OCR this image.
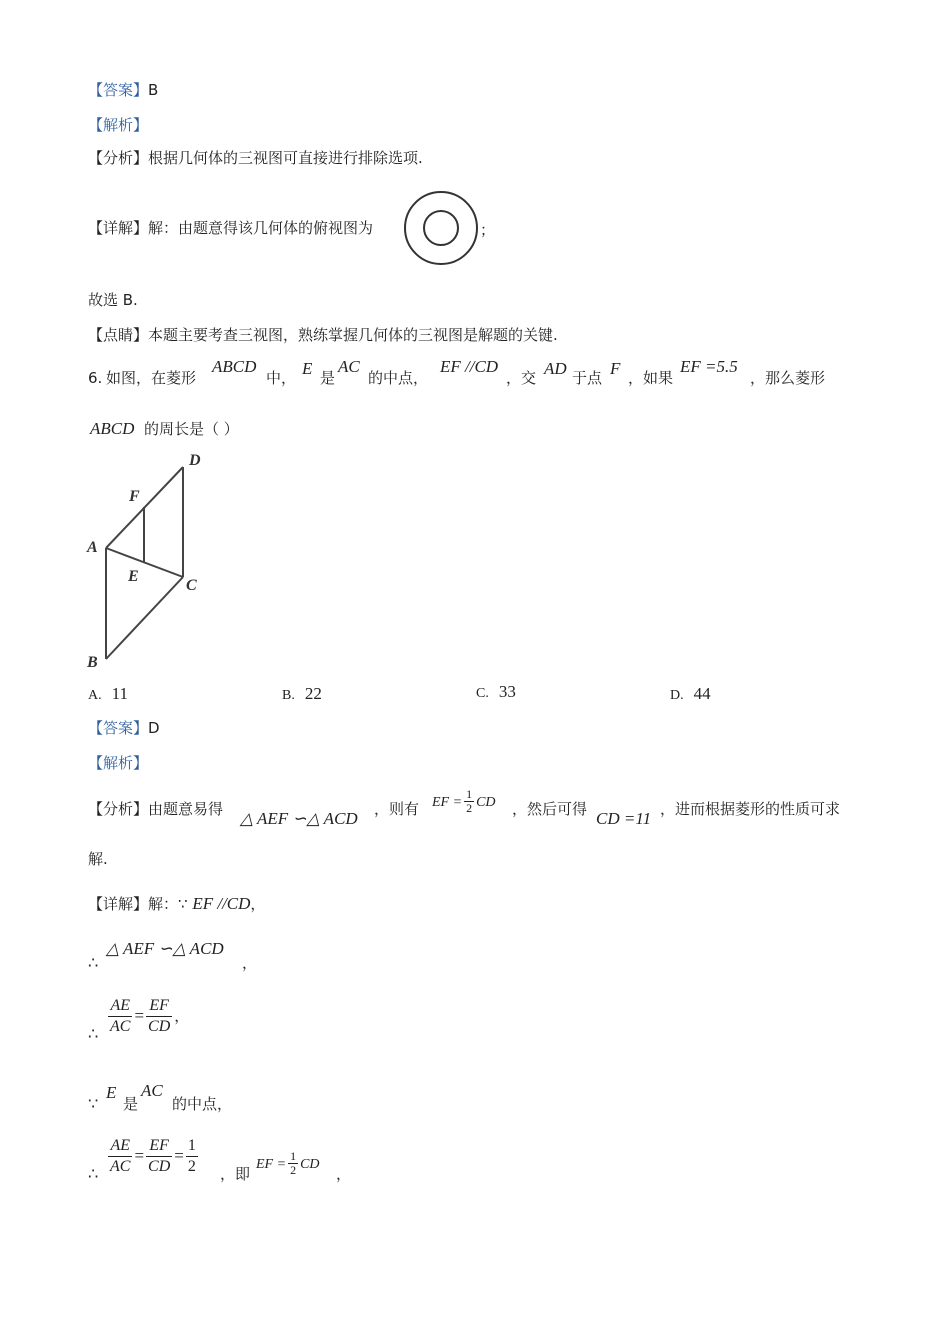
【答案】B
【解析】
【分析】根据几何体的三视图可直接进行排除选项.
【详解】解：由题意得该几何体的俯视图为	；
故选 B.
【点睛】本题主要考查三视图，熟练掌握几何体的三视图是解题的关键.
6. 如图，在菱形
ABCD
中， E 是
AC
的中点，
EF //CD
，交 AD 于点 F ，如果
EF =5.5
，那么菱形
ABCD 的周长是（ ）
D
F
A
E
C
B
A. 11	B. 22	C. 33	D. 44
【答案】D
【解析】
【分析】由题意易得 △ AEF ∽△ ACD ，则有 EF = $\frac{1}{2}$ CD ，然后可得 CD =11 ，进而根据菱形的性质可求
解.
【详解】解：∵ EF //CD，
∴
△ AEF ∽△ ACD
，
∴ $\frac{AE}{AC} = \frac{EF}{CD}$ ，
∵
E
是
AC
的中点，
∴ $\frac{AE}{AC} = \frac{EF}{CD} = \frac{1}{2}$ ，即
EF = $\frac{1}{2}$ CD
，
